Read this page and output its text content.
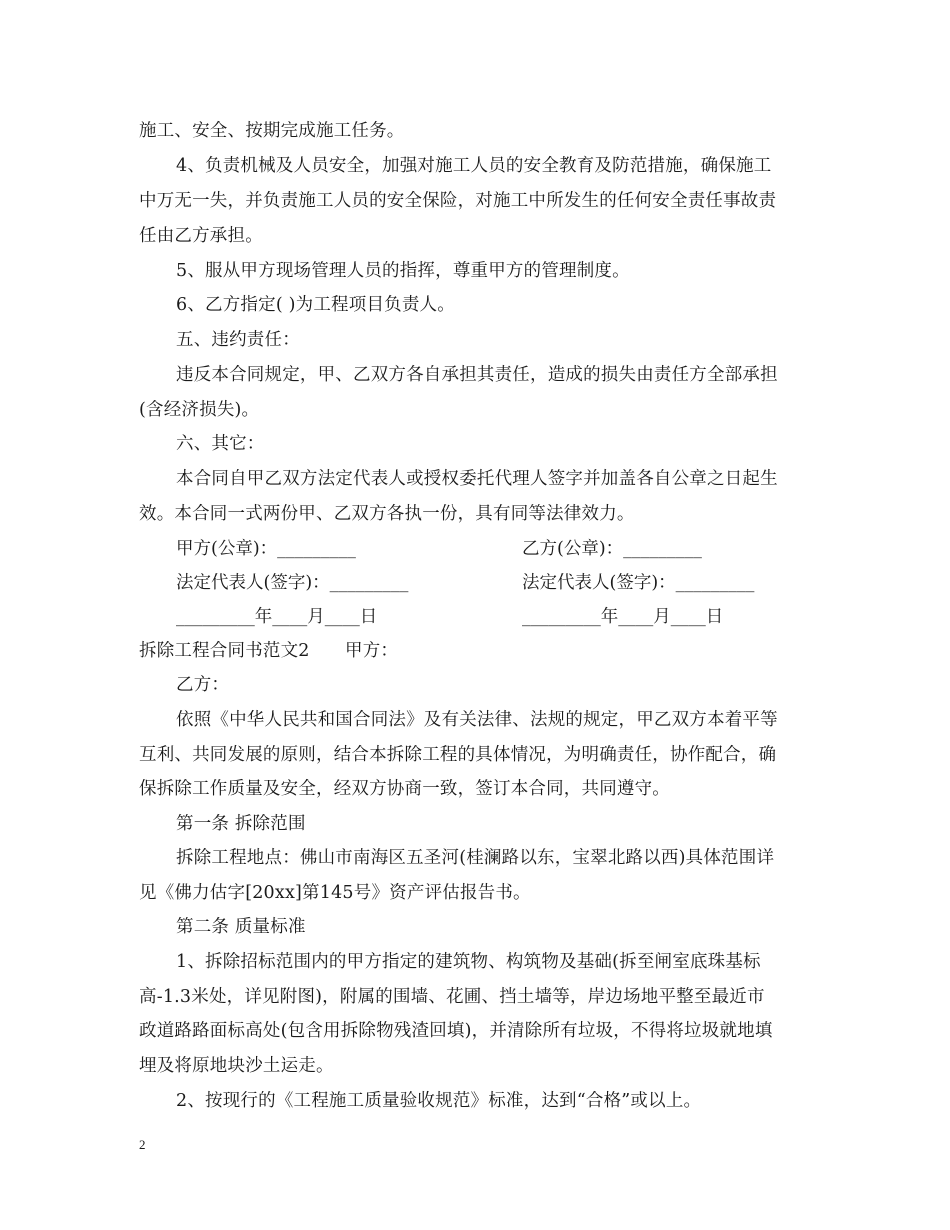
施工、安全、按期完成施工任务。
4、负责机械及人员安全，加强对施工人员的安全教育及防范措施，确保施工
中万无一失，并负责施工人员的安全保险，对施工中所发生的任何安全责任事故责
任由乙方承担。
5、服从甲方现场管理人员的指挥，尊重甲方的管理制度。
6、乙方指定( )为工程项目负责人。
五、违约责任：
违反本合同规定，甲、乙双方各自承担其责任，造成的损失由责任方全部承担
(含经济损失)。
六、其它：
本合同自甲乙双方法定代表人或授权委托代理人签字并加盖各自公章之日起生
效。本合同一式两份甲、乙双方各执一份，具有同等法律效力。
甲方(公章)：_________	乙方(公章)：_________
法定代表人(签字)：_________	法定代表人(签字)：_________
_________年____月____日	_________年____月____日
拆除工程合同书范文2　　甲方：
乙方：
依照《中华人民共和国合同法》及有关法律、法规的规定，甲乙双方本着平等
互利、共同发展的原则，结合本拆除工程的具体情况，为明确责任，协作配合，确
保拆除工作质量及安全，经双方协商一致，签订本合同，共同遵守。
第一条 拆除范围
拆除工程地点：佛山市南海区五圣河(桂澜路以东，宝翠北路以西)具体范围详
见《佛力估字[20xx]第145号》资产评估报告书。
第二条 质量标准
1、拆除招标范围内的甲方指定的建筑物、构筑物及基础(拆至闸室底珠基标
高-1.3米处，详见附图)，附属的围墙、花圃、挡土墙等，岸边场地平整至最近市
政道路路面标高处(包含用拆除物残渣回填)，并清除所有垃圾，不得将垃圾就地填
埋及将原地块沙土运走。
2、按现行的《工程施工质量验收规范》标准，达到“合格”或以上。
2
